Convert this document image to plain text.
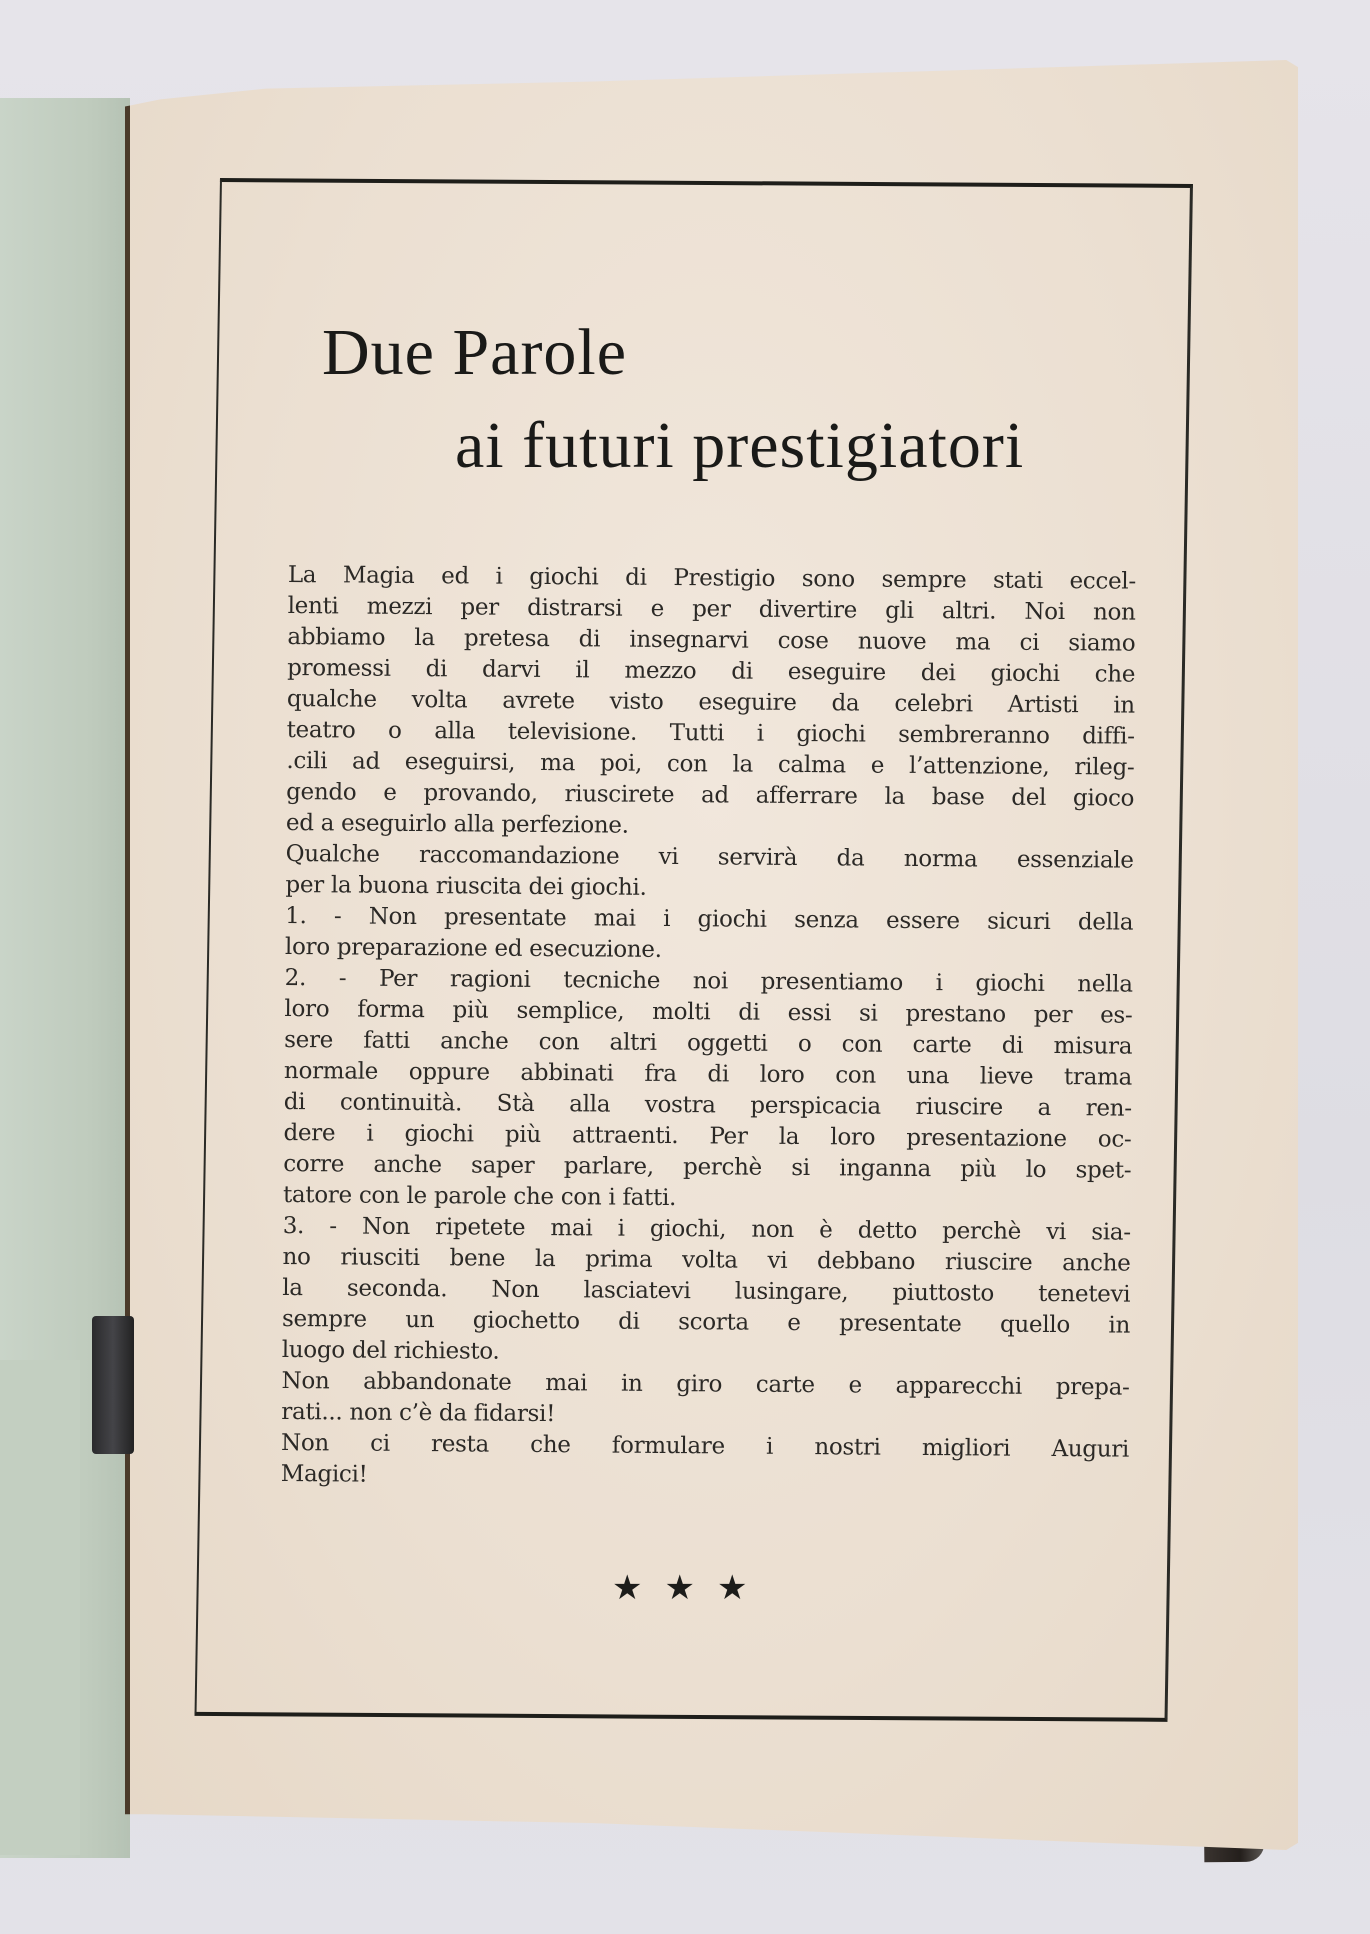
Due Parole
ai futuri prestigiatori
La Magia ed i giochi di Prestigio sono sempre stati eccel-
lenti mezzi per distrarsi e per divertire gli altri. Noi non
abbiamo la pretesa di insegnarvi cose nuove ma ci siamo
promessi di darvi il mezzo di eseguire dei giochi che
qualche volta avrete visto eseguire da celebri Artisti in
teatro o alla televisione. Tutti i giochi sembreranno diffi-
.cili ad eseguirsi, ma poi, con la calma e l’attenzione, rileg-
gendo e provando, riuscirete ad afferrare la base del gioco
ed a eseguirlo alla perfezione.
Qualche raccomandazione vi servirà da norma essenziale
per la buona riuscita dei giochi.
1. - Non presentate mai i giochi senza essere sicuri della
loro preparazione ed esecuzione.
2. - Per ragioni tecniche noi presentiamo i giochi nella
loro forma più semplice, molti di essi si prestano per es-
sere fatti anche con altri oggetti o con carte di misura
normale oppure abbinati fra di loro con una lieve trama
di continuità. Stà alla vostra perspicacia riuscire a ren-
dere i giochi più attraenti. Per la loro presentazione oc-
corre anche saper parlare, perchè si inganna più lo spet-
tatore con le parole che con i fatti.
3. - Non ripetete mai i giochi, non è detto perchè vi sia-
no riusciti bene la prima volta vi debbano riuscire anche
la seconda. Non lasciatevi lusingare, piuttosto tenetevi
sempre un giochetto di scorta e presentate quello in
luogo del richiesto.
Non abbandonate mai in giro carte e apparecchi prepa-
rati... non c’è da fidarsi!
Non ci resta che formulare i nostri migliori Auguri
Magici!
★★★
